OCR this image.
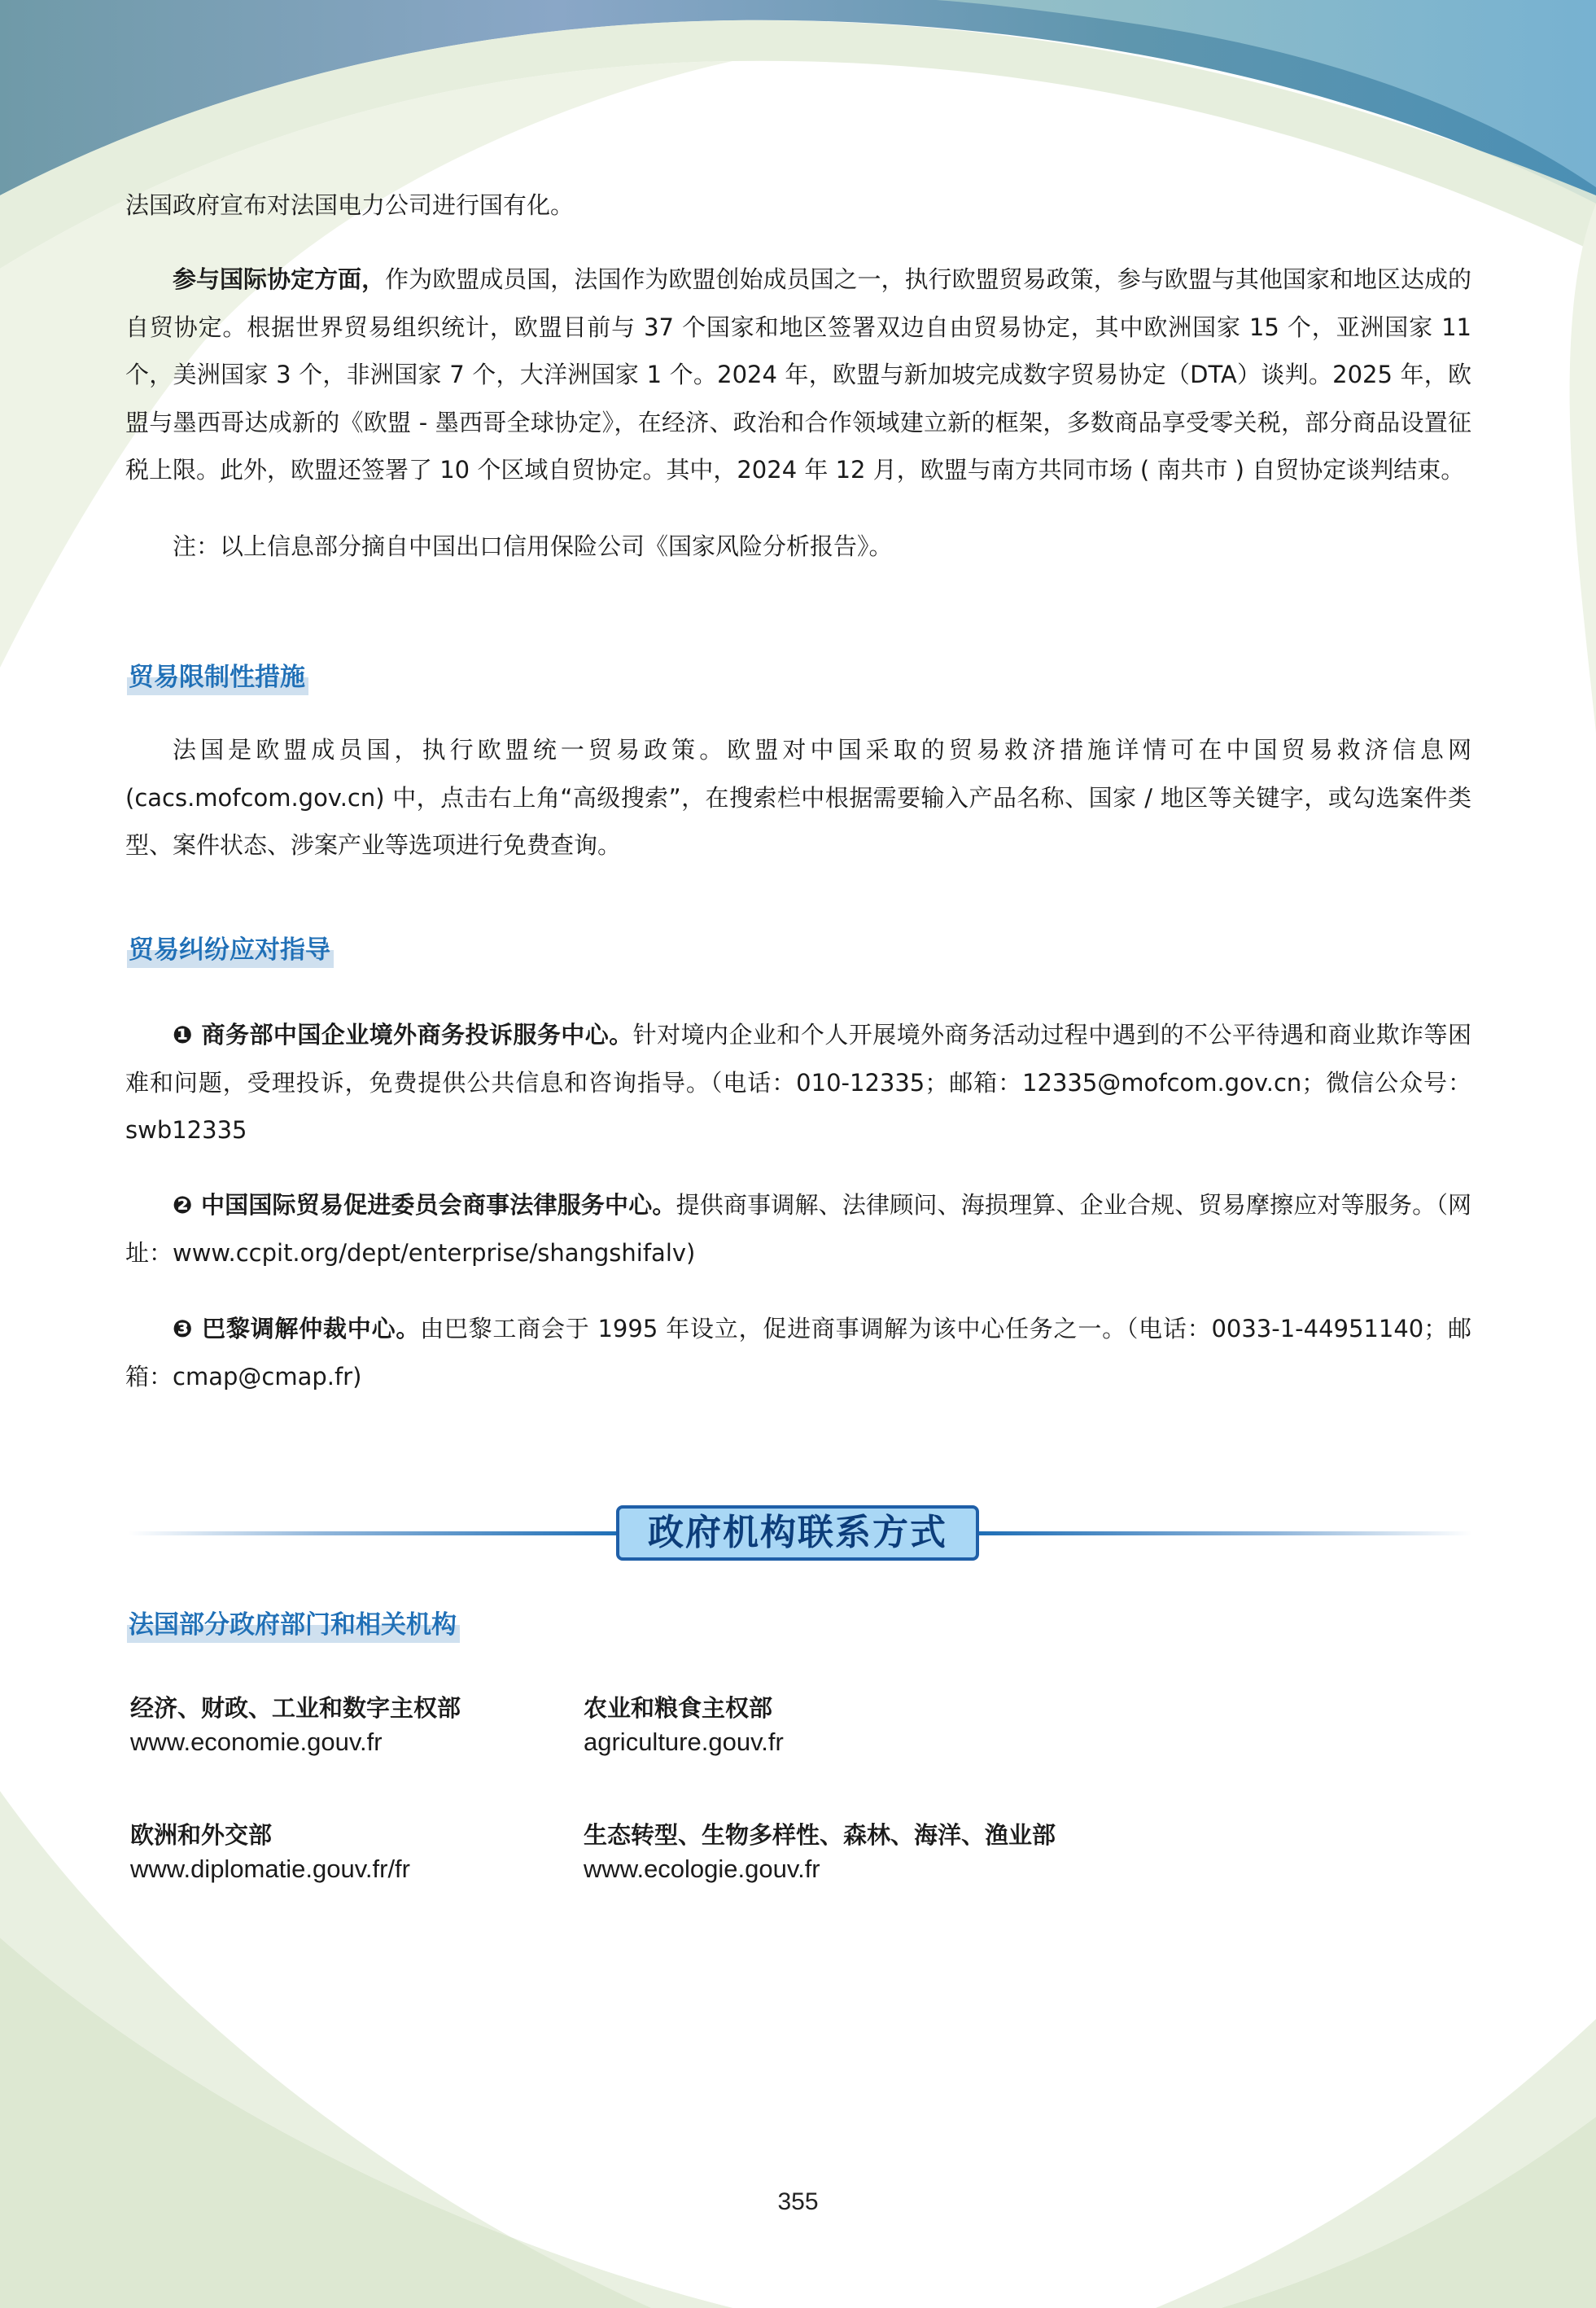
法国政府宣布对法国电力公司进行国有化。

参与国际协定方面，作为欧盟成员国，法国作为欧盟创始成员国之一，执行欧盟贸易政策，参与欧盟与其他国家和地区达成的自贸协定。根据世界贸易组织统计，欧盟目前与 37 个国家和地区签署双边自由贸易协定，其中欧洲国家 15 个，亚洲国家 11 个，美洲国家 3 个，非洲国家 7 个，大洋洲国家 1 个。2024 年，欧盟与新加坡完成数字贸易协定（DTA）谈判。2025 年，欧盟与墨西哥达成新的《欧盟 - 墨西哥全球协定》，在经济、政治和合作领域建立新的框架，多数商品享受零关税，部分商品设置征税上限。此外，欧盟还签署了 10 个区域自贸协定。其中，2024 年 12 月，欧盟与南方共同市场 ( 南共市 ) 自贸协定谈判结束。

注：以上信息部分摘自中国出口信用保险公司《国家风险分析报告》。

贸易限制性措施

法国是欧盟成员国，执行欧盟统一贸易政策。欧盟对中国采取的贸易救济措施详情可在中国贸易救济信息网 (cacs.mofcom.gov.cn) 中，点击右上角“高级搜索”，在搜索栏中根据需要输入产品名称、国家 / 地区等关键字，或勾选案件类型、案件状态、涉案产业等选项进行免费查询。

贸易纠纷应对指导

❶ 商务部中国企业境外商务投诉服务中心。针对境内企业和个人开展境外商务活动过程中遇到的不公平待遇和商业欺诈等困难和问题，受理投诉，免费提供公共信息和咨询指导。（电话：010-12335；邮箱：12335@mofcom.gov.cn；微信公众号：swb12335

❷ 中国国际贸易促进委员会商事法律服务中心。提供商事调解、法律顾问、海损理算、企业合规、贸易摩擦应对等服务。（网址：www.ccpit.org/dept/enterprise/shangshifalv)

❸ 巴黎调解仲裁中心。由巴黎工商会于 1995 年设立，促进商事调解为该中心任务之一。（电话：0033-1-44951140；邮箱：cmap@cmap.fr)

政府机构联系方式
法国部分政府部门和相关机构
经济、财政、工业和数字主权部
www.economie.gouv.fr
农业和粮食主权部
agriculture.gouv.fr
欧洲和外交部
www.diplomatie.gouv.fr/fr
生态转型、生物多样性、森林、海洋、渔业部
www.ecologie.gouv.fr
355
